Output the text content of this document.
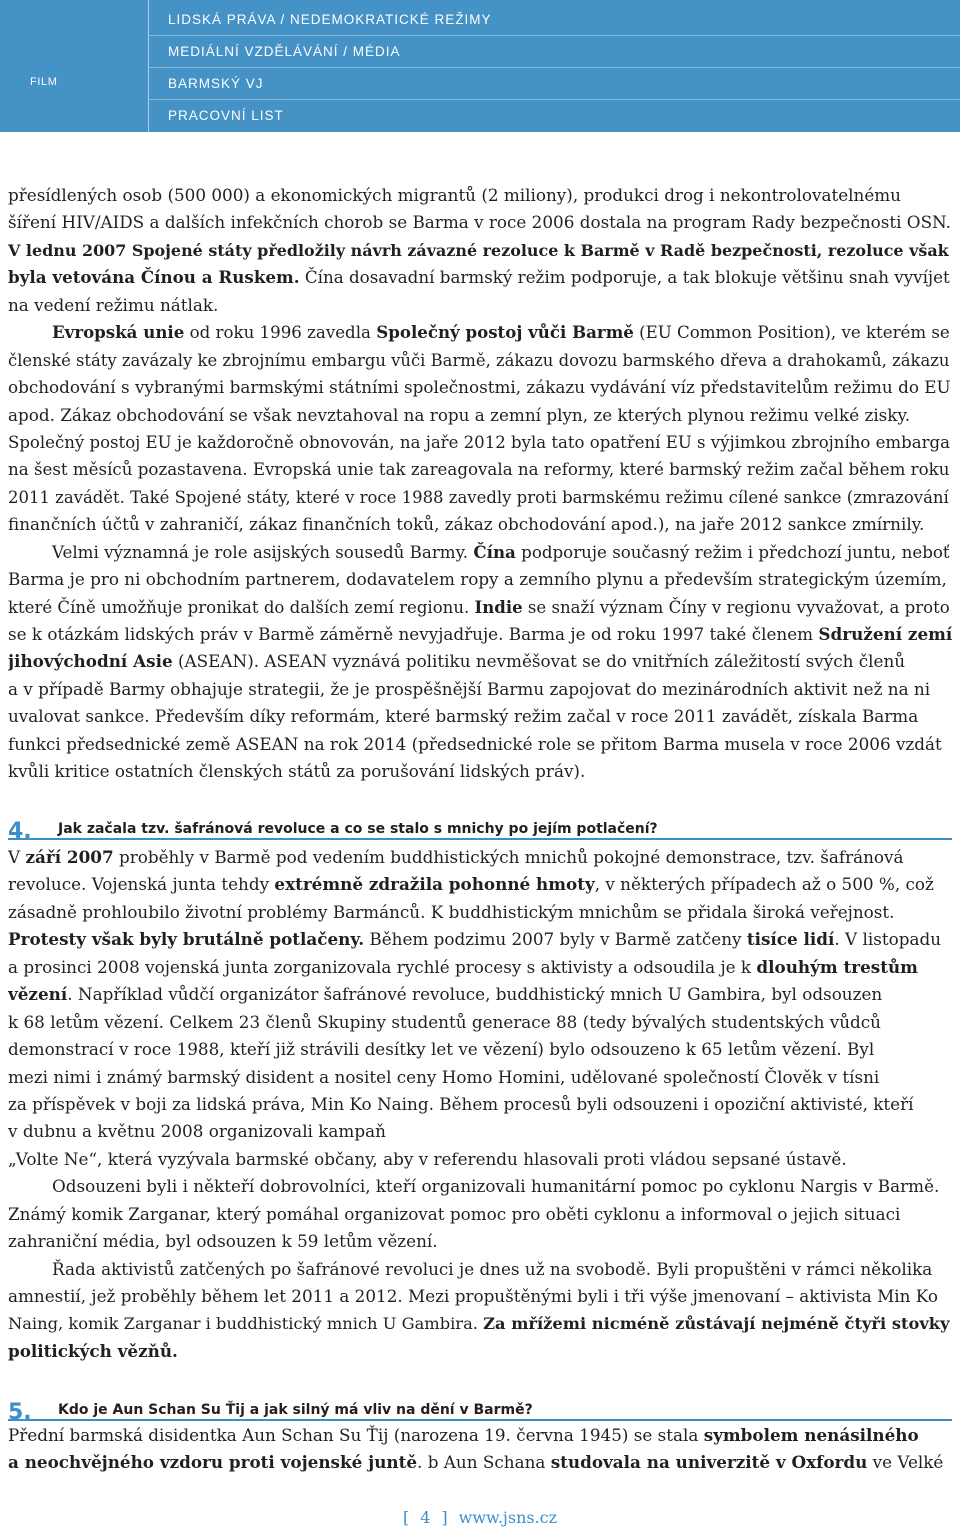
FILM
LIDSKÁ PRÁVA / NEDEMOKRATICKÉ REŽIMY
MEDIÁLNÍ VZDĚLÁVÁNÍ / MÉDIA
BARMSKÝ VJ
PRACOVNÍ LIST
přesídlených osob (500 000) a ekonomických migrantů (2 miliony), produkci drog i nekontrolovatelnému
šíření HIV/AIDS a dalších infekčních chorob se Barma v roce 2006 dostala na program Rady bezpečnosti OSN.
V lednu 2007 Spojené státy předložily návrh závazné rezoluce k Barmě v Radě bezpečnosti, rezoluce však
byla vetována Čínou a Ruskem. Čína dosavadní barmský režim podporuje, a tak blokuje většinu snah vyvíjet
na vedení režimu nátlak.
Evropská unie od roku 1996 zavedla Společný postoj vůči Barmě (EU Common Position), ve kterém se
členské státy zavázaly ke zbrojnímu embargu vůči Barmě, zákazu dovozu barmského dřeva a drahokamů, zákazu
obchodování s vybranými barmskými státními společnostmi, zákazu vydávání víz představitelům režimu do EU
apod. Zákaz obchodování se však nevztahoval na ropu a zemní plyn, ze kterých plynou režimu velké zisky.
Společný postoj EU je každoročně obnovován, na jaře 2012 byla tato opatření EU s výjimkou zbrojního embarga
na šest měsíců pozastavena. Evropská unie tak zareagovala na reformy, které barmský režim začal během roku
2011 zavádět. Také Spojené státy, které v roce 1988 zavedly proti barmskému režimu cílené sankce (zmrazování
finančních účtů v zahraničí, zákaz finančních toků, zákaz obchodování apod.), na jaře 2012 sankce zmírnily.
Velmi významná je role asijských sousedů Barmy. Čína podporuje současný režim i předchozí juntu, neboť
Barma je pro ni obchodním partnerem, dodavatelem ropy a zemního plynu a především strategickým územím,
které Číně umožňuje pronikat do dalších zemí regionu. Indie se snaží význam Číny v regionu vyvažovat, a proto
se k otázkám lidských práv v Barmě záměrně nevyjadřuje. Barma je od roku 1997 také členem Sdružení zemí
jihovýchodní Asie (ASEAN). ASEAN vyznává politiku nevměšovat se do vnitřních záležitostí svých členů
a v případě Barmy obhajuje strategii, že je prospěšnější Barmu zapojovat do mezinárodních aktivit než na ni
uvalovat sankce. Především díky reformám, které barmský režim začal v roce 2011 zavádět, získala Barma
funkci předsednické země ASEAN na rok 2014 (předsednické role se přitom Barma musela v roce 2006 vzdát
kvůli kritice ostatních členských států za porušování lidských práv).
4. Jak začala tzv. šafránová revoluce a co se stalo s mnichy po jejím potlačení?
V září 2007 proběhly v Barmě pod vedením buddhistických mnichů pokojné demonstrace, tzv. šafránová
revoluce. Vojenská junta tehdy extrémně zdražila pohonné hmoty, v některých případech až o 500 %, což
zásadně prohloubilo životní problémy Barmánců. K buddhistickým mnichům se přidala široká veřejnost.
Protesty však byly brutálně potlačeny. Během podzimu 2007 byly v Barmě zatčeny tisíce lidí. V listopadu
a prosinci 2008 vojenská junta zorganizovala rychlé procesy s aktivisty a odsoudila je k dlouhým trestům
vězení. Například vůdčí organizátor šafránové revoluce, buddhistický mnich U Gambira, byl odsouzen
k 68 letům vězení. Celkem 23 členů Skupiny studentů generace 88 (tedy bývalých studentských vůdců
demonstrací v roce 1988, kteří již strávili desítky let ve vězení) bylo odsouzeno k 65 letům vězení. Byl
mezi nimi i známý barmský disident a nositel ceny Homo Homini, udělované společností Člověk v tísni
za příspěvek v boji za lidská práva, Min Ko Naing. Během procesů byli odsouzeni i opoziční aktivisté, kteří
v dubnu a květnu 2008 organizovali kampaň
„Volte Ne“, která vyzývala barmské občany, aby v referendu hlasovali proti vládou sepsané ústavě.
Odsouzeni byli i někteří dobrovolníci, kteří organizovali humanitární pomoc po cyklonu Nargis v Barmě.
Známý komik Zarganar, který pomáhal organizovat pomoc pro oběti cyklonu a informoval o jejich situaci
zahraniční média, byl odsouzen k 59 letům vězení.
Řada aktivistů zatčených po šafránové revoluci je dnes už na svobodě. Byli propuštěni v rámci několika
amnestií, jež proběhly během let 2011 a 2012. Mezi propuštěnými byli i tři výše jmenovaní – aktivista Min Ko
Naing, komik Zarganar i buddhistický mnich U Gambira. Za mřížemi nicméně zůstávají nejméně čtyři stovky
politických vězňů.
5. Kdo je Aun Schan Su Ťij a jak silný má vliv na dění v Barmě?
Přední barmská disidentka Aun Schan Su Ťij (narozena 19. června 1945) se stala symbolem nenásilného
a neochvějného vzdoru proti vojenské juntě. b Aun Schana studovala na univerzitě v Oxfordu ve Velké
[ 4 ] www.jsns.cz
